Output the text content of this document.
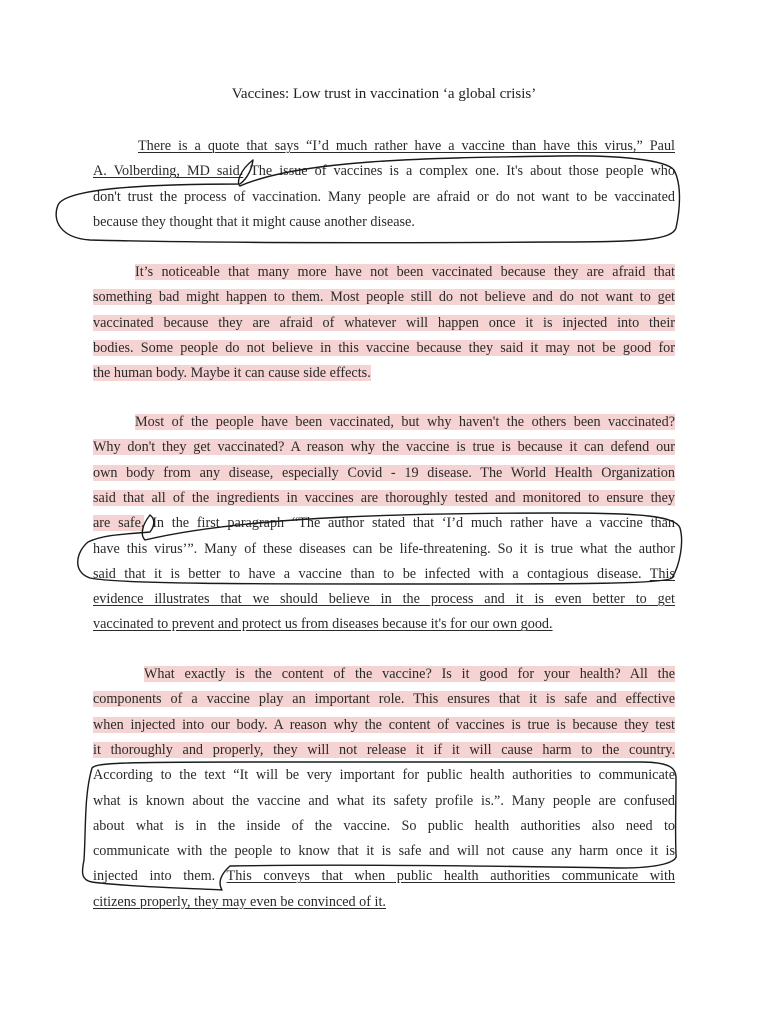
Vaccines: Low trust in vaccination ‘a global crisis’
There is a quote that says “I’d much rather have a vaccine than have this virus,” Paul
A. Volberding, MD said. The issue of vaccines is a complex one. It's about those people who
don't trust the process of vaccination. Many people are afraid or do not want to be vaccinated
because they thought that it might cause another disease.
It’s noticeable that many more have not been vaccinated because they are afraid that
something bad might happen to them. Most people still do not believe and do not want to get
vaccinated because they are afraid of whatever will happen once it is injected into their
bodies. Some people do not believe in this vaccine because they said it may not be good for
the human body. Maybe it can cause side effects.
Most of the people have been vaccinated, but why haven't the others been vaccinated?
Why don't they get vaccinated? A reason why the vaccine is true is because it can defend our
own body from any disease, especially Covid - 19 disease. The World Health Organization
said that all of the ingredients in vaccines are thoroughly tested and monitored to ensure they
are safe. In the first paragraph “The author stated that ‘I’d much rather have a vaccine than
have this virus’”. Many of these diseases can be life-threatening. So it is true what the author
said that it is better to have a vaccine than to be infected with a contagious disease. This
evidence illustrates that we should believe in the process and it is even better to get
vaccinated to prevent and protect us from diseases because it's for our own good.
What exactly is the content of the vaccine? Is it good for your health? All the
components of a vaccine play an important role. This ensures that it is safe and effective
when injected into our body. A reason why the content of vaccines is true is because they test
it thoroughly and properly, they will not release it if it will cause harm to the country.
According to the text “It will be very important for public health authorities to communicate
what is known about the vaccine and what its safety profile is.”. Many people are confused
about what is in the inside of the vaccine. So public health authorities also need to
communicate with the people to know that it is safe and will not cause any harm once it is
injected into them. This conveys that when public health authorities communicate with
citizens properly, they may even be convinced of it.
